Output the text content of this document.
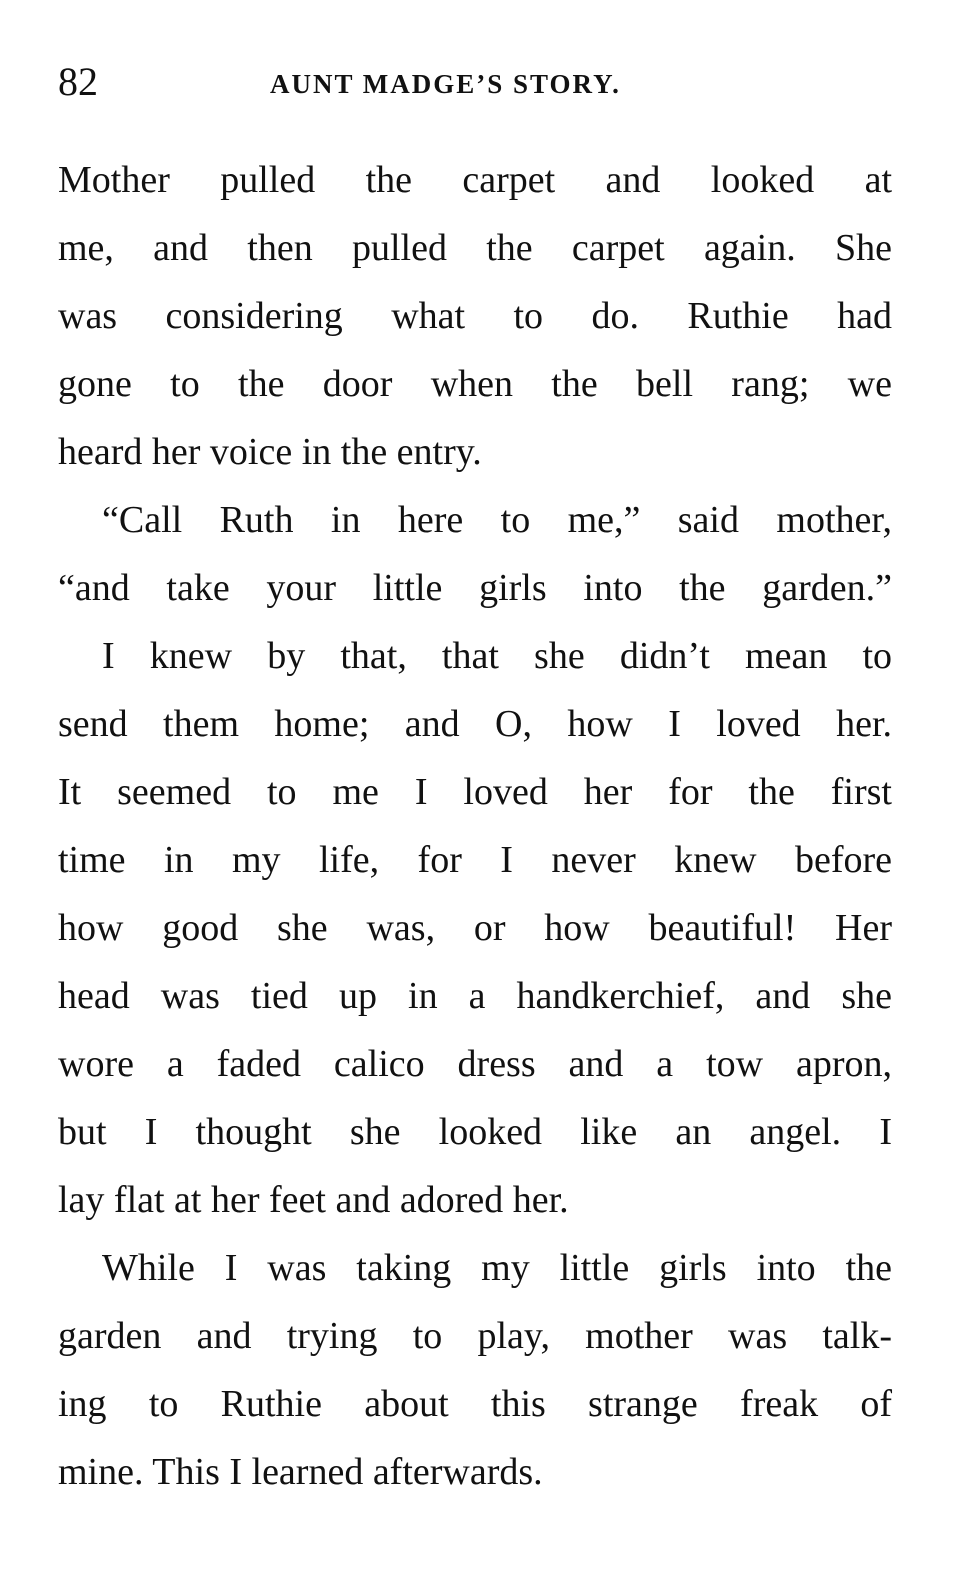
82	AUNT MADGE’S STORY.

Mother pulled the carpet and looked at
me, and then pulled the carpet again. She
was considering what to do. Ruthie had
gone to the door when the bell rang; we
heard her voice in the entry.

“Call Ruth in here to me,” said mother,
“and take your little girls into the garden.”

I knew by that, that she didn’t mean to
send them home; and O, how I loved her.
It seemed to me I loved her for the first
time in my life, for I never knew before
how good she was, or how beautiful! Her
head was tied up in a handkerchief, and she
wore a faded calico dress and a tow apron,
but I thought she looked like an angel. I
lay flat at her feet and adored her.

While I was taking my little girls into the
garden and trying to play, mother was talk-
ing to Ruthie about this strange freak of
mine. This I learned afterwards.
